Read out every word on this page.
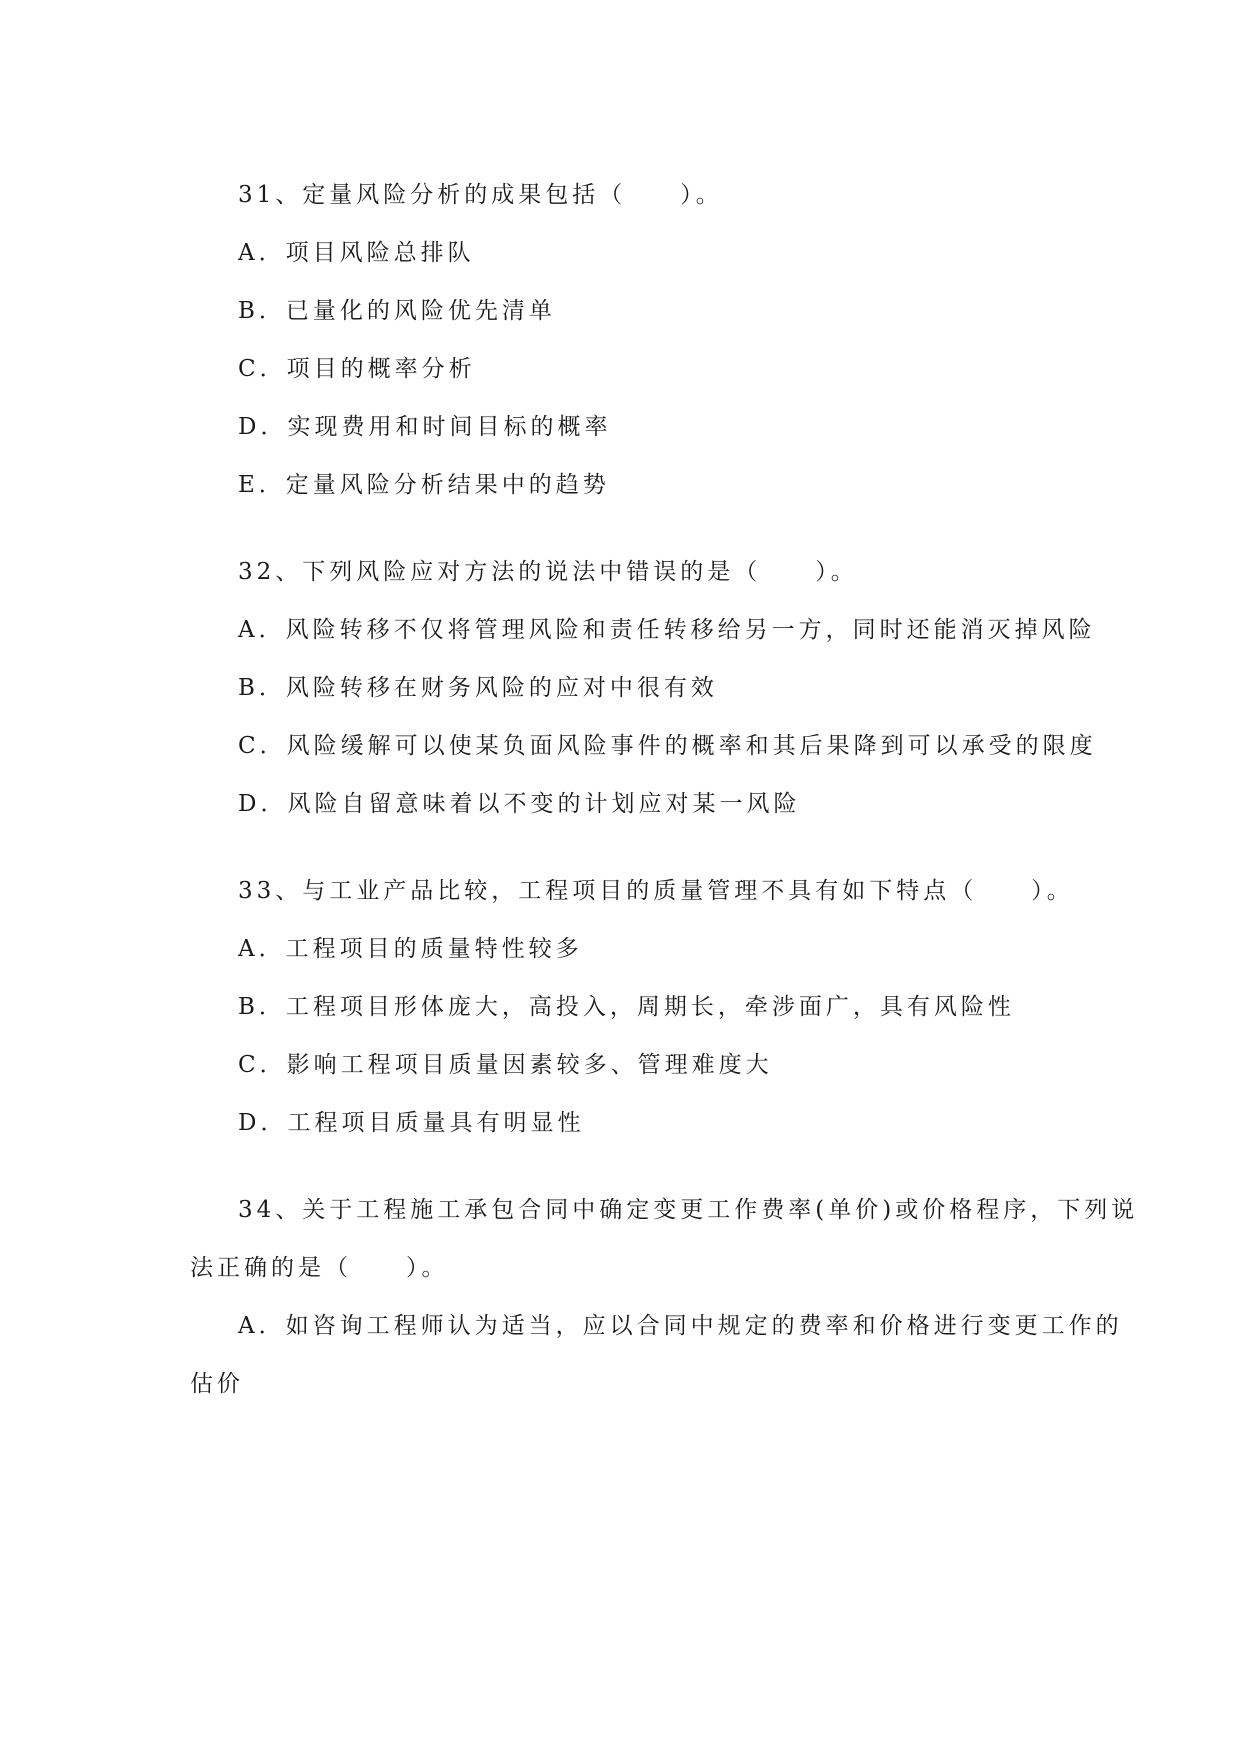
31、定量风险分析的成果包括（　　）。
A．项目风险总排队
B．已量化的风险优先清单
C．项目的概率分析
D．实现费用和时间目标的概率
E．定量风险分析结果中的趋势
32、下列风险应对方法的说法中错误的是（　　）。
A．风险转移不仅将管理风险和责任转移给另一方，同时还能消灭掉风险
B．风险转移在财务风险的应对中很有效
C．风险缓解可以使某负面风险事件的概率和其后果降到可以承受的限度
D．风险自留意味着以不变的计划应对某一风险
33、与工业产品比较，工程项目的质量管理不具有如下特点（　　）。
A．工程项目的质量特性较多
B．工程项目形体庞大，高投入，周期长，牵涉面广，具有风险性
C．影响工程项目质量因素较多、管理难度大
D．工程项目质量具有明显性
34、关于工程施工承包合同中确定变更工作费率(单价)或价格程序，下列说
法正确的是（　　）。
A．如咨询工程师认为适当，应以合同中规定的费率和价格进行变更工作的
估价
